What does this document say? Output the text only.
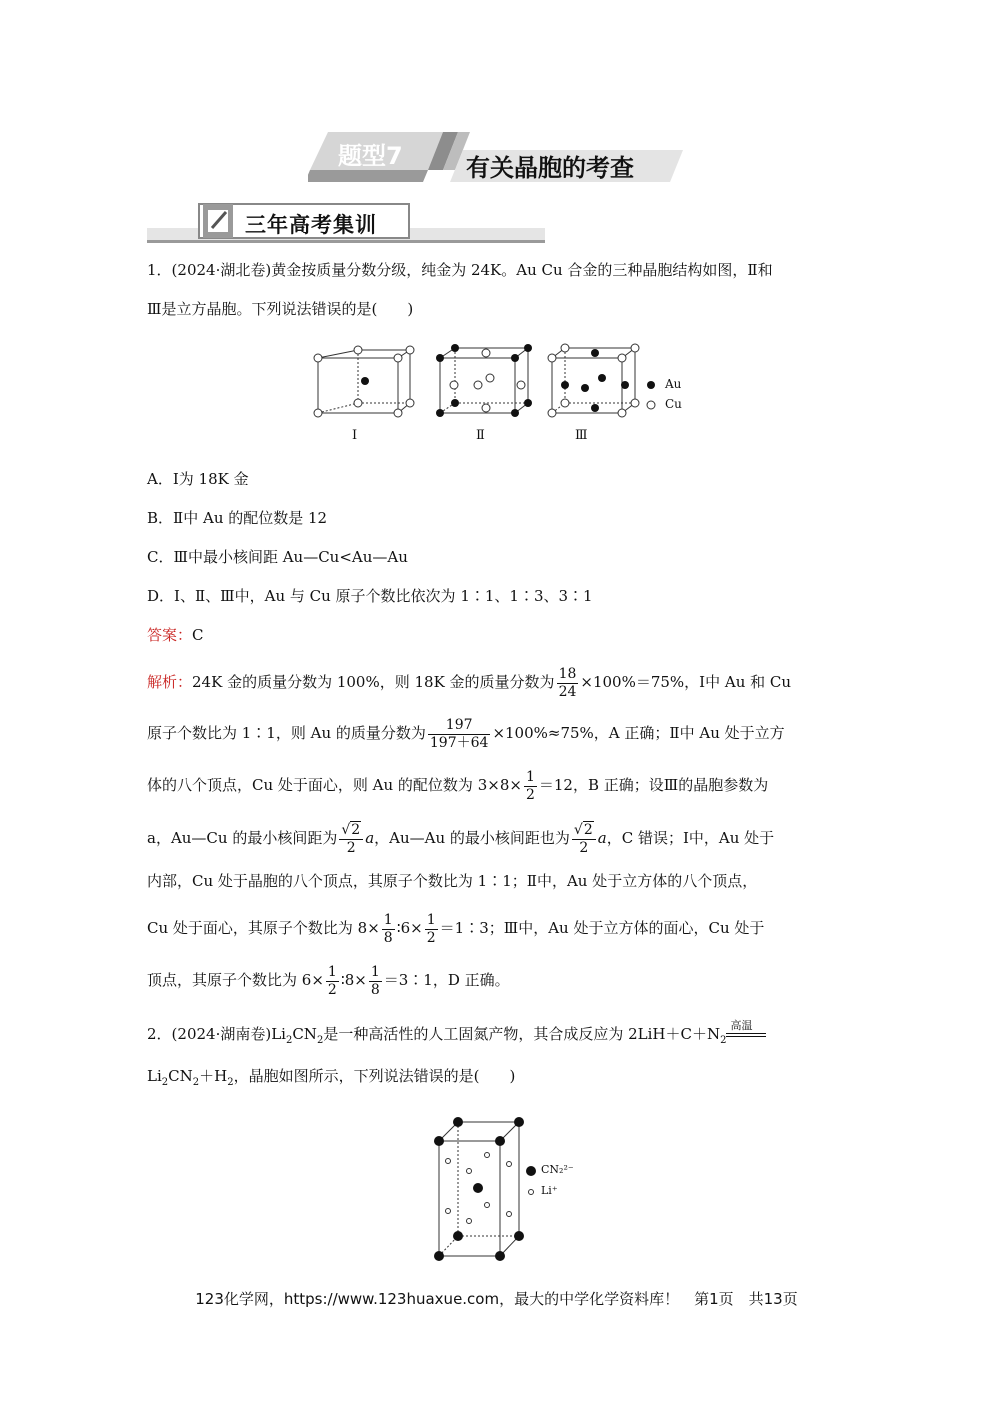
题型7	有关晶胞的考查
三年高考集训
1．(2024·湖北卷)黄金按质量分数分级，纯金为 24K。Au Cu 合金的三种晶胞结构如图，Ⅱ和
Ⅲ是立方晶胞。下列说法错误的是(　　)
Au
Cu
Ⅰ	Ⅱ	Ⅲ
A．Ⅰ为 18K 金
B．Ⅱ中 Au 的配位数是 12
C．Ⅲ中最小核间距 Au—Cu<Au—Au
D．Ⅰ、Ⅱ、Ⅲ中，Au 与 Cu 原子个数比依次为 1∶1、1∶3、3∶1
答案：C
解析：24K 金的质量分数为 100%，则 18K 金的质量分数为 $\frac{18}{24} \times 100\%=75\%$，Ⅰ中 Au 和 Cu
原子个数比为 1∶1，则 Au 的质量分数为 $\frac{197}{197+64} \times 100\%\approx 75\%$，A 正确；Ⅱ中 Au 处于立方
体的八个顶点，Cu 处于面心，则 Au 的配位数为 $3\times 8\times \frac{1}{2} =12$，B 正确；设Ⅲ的晶胞参数为
a，Au—Cu 的最小核间距为 $\frac{√2}{2}$ a，Au—Au 的最小核间距也为 $\frac{√2}{2}$ a，C 错误；Ⅰ中，Au 处于
内部，Cu 处于晶胞的八个顶点，其原子个数比为 1∶1；Ⅱ中，Au 处于立方体的八个顶点，
Cu 处于面心，其原子个数比为 $8\times \frac{1}{8}$ ∶6× $\frac{1}{2}$ ＝1∶3；Ⅲ中，Au 处于立方体的面心，Cu 处于
顶点，其原子个数比为 $6\times \frac{1}{2}$ ∶8× $\frac{1}{8}$ ＝3∶1，D 正确。
2．(2024·湖南卷)$Li_2CN_2$是一种高活性的人工固氮产物，其合成反应为 $2LiH+C+N_2$
高温
$Li_2CN_2+H_2$，晶胞如图所示，下列说法错误的是(　　)
CN₂²⁻
Li⁺
123化学网，https://www.123huaxue.com，最大的中学化学资料库！　第1页　共13页
